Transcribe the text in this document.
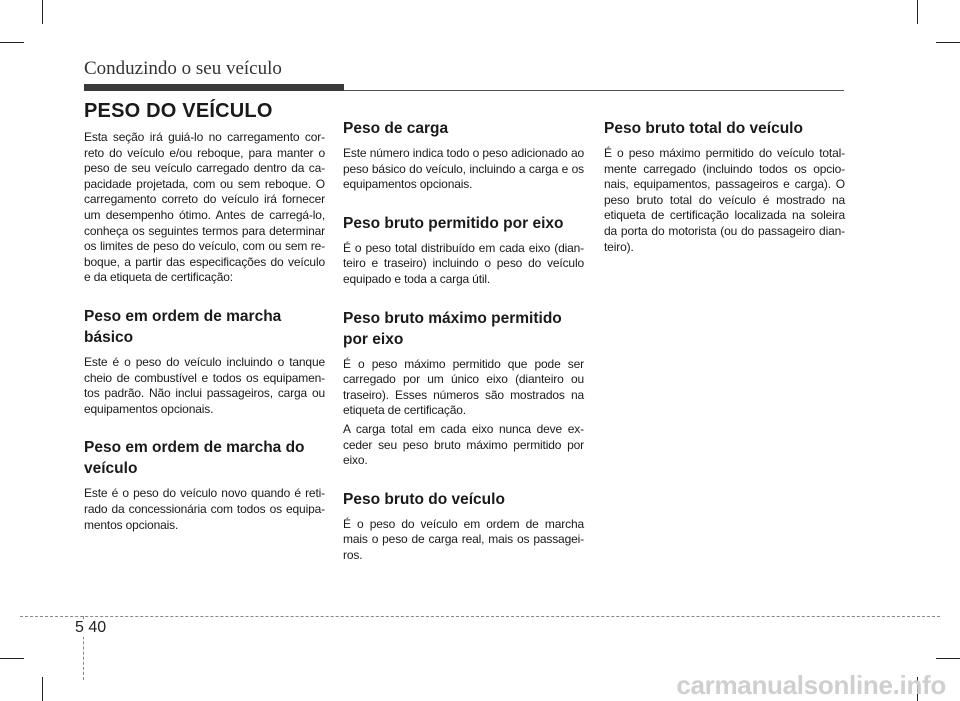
Conduzindo o seu veículo
PESO DO VEÍCULO

Esta seção irá guiá-lo no carregamento cor- reto do veículo e/ou reboque, para manter o peso de seu veículo carregado dentro da ca- pacidade projetada, com ou sem reboque. O carregamento correto do veículo irá fornecer um desempenho ótimo. Antes de carregá-lo, conheça os seguintes termos para determinar os limites de peso do veículo, com ou sem re- boque, a partir das especificações do veículo e da etiqueta de certificação:

Peso em ordem de marcha básico

Este é o peso do veículo incluindo o tanque cheio de combustível e todos os equipamen- tos padrão. Não inclui passageiros, carga ou equipamentos opcionais.

Peso em ordem de marcha do veículo

Este é o peso do veículo novo quando é reti- rado da concessionária com todos os equipa- mentos opcionais.

Peso de carga

Este número indica todo o peso adicionado ao peso básico do veículo, incluindo a carga e os equipamentos opcionais.

Peso bruto permitido por eixo

É o peso total distribuído em cada eixo (dian- teiro e traseiro) incluindo o peso do veículo equipado e toda a carga útil.

Peso bruto máximo permitido por eixo

É o peso máximo permitido que pode ser carregado por um único eixo (dianteiro ou traseiro). Esses números são mostrados na etiqueta de certificação.

A carga total em cada eixo nunca deve ex- ceder seu peso bruto máximo permitido por eixo.

Peso bruto do veículo

É o peso do veículo em ordem de marcha mais o peso de carga real, mais os passagei- ros.

Peso bruto total do veículo

É o peso máximo permitido do veículo total- mente carregado (incluindo todos os opcio- nais, equipamentos, passageiros e carga). O peso bruto total do veículo é mostrado na etiqueta de certificação localizada na soleira da porta do motorista (ou do passageiro dian- teiro).

5 40
carmanualsonline.info
